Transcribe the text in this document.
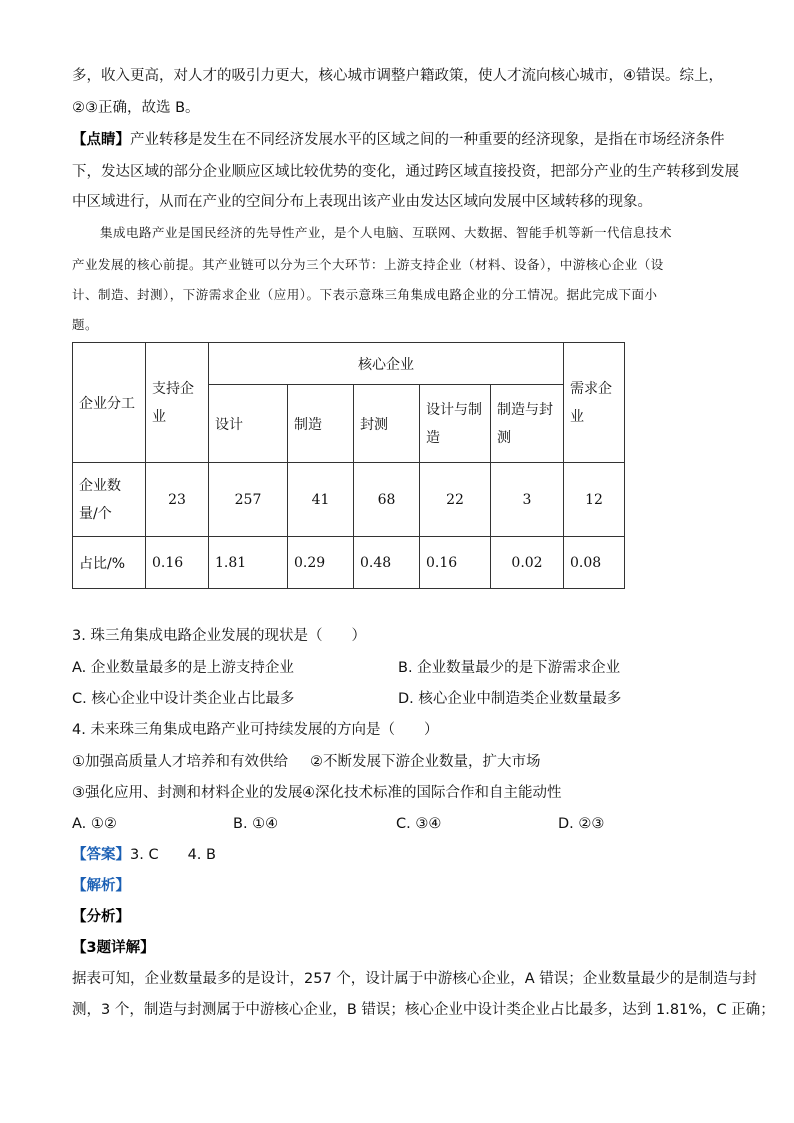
多，收入更高，对人才的吸引力更大，核心城市调整户籍政策，使人才流向核心城市，④错误。综上，
②③正确，故选 B。
【点睛】产业转移是发生在不同经济发展水平的区域之间的一种重要的经济现象，是指在市场经济条件
下，发达区域的部分企业顺应区域比较优势的变化，通过跨区域直接投资，把部分产业的生产转移到发展
中区域进行，从而在产业的空间分布上表现出该产业由发达区域向发展中区域转移的现象。
集成电路产业是国民经济的先导性产业，是个人电脑、互联网、大数据、智能手机等新一代信息技术
产业发展的核心前提。其产业链可以分为三个大环节：上游支持企业（材料、设备），中游核心企业（设
计、制造、封测），下游需求企业（应用）。下表示意珠三角集成电路企业的分工情况。据此完成下面小
题。
企业分工	支持企业	核心企业					需求企业
		设计	制造	封测	设计与制造	制造与封测	
企业数量/个	23	257	41	68	22	3	12
占比/%	0.16	1.81	0.29	0.48	0.16	0.02	0.08
3. 珠三角集成电路企业发展的现状是（　　）
A. 企业数量最多的是上游支持企业	B. 企业数量最少的是下游需求企业
C. 核心企业中设计类企业占比最多	D. 核心企业中制造类企业数量最多
4. 未来珠三角集成电路产业可持续发展的方向是（　　）
①加强高质量人才培养和有效供给 ②不断发展下游企业数量，扩大市场
③强化应用、封测和材料企业的发展 ④深化技术标准的国际合作和自主能动性
A. ①②	B. ①④	C. ③④	D. ②③
【答案】3. C　　4. B
【解析】
【分析】
【3题详解】
据表可知，企业数量最多的是设计，257 个，设计属于中游核心企业，A 错误；企业数量最少的是制造与封
测，3 个，制造与封测属于中游核心企业，B 错误；核心企业中设计类企业占比最多，达到 1.81%，C 正确；
